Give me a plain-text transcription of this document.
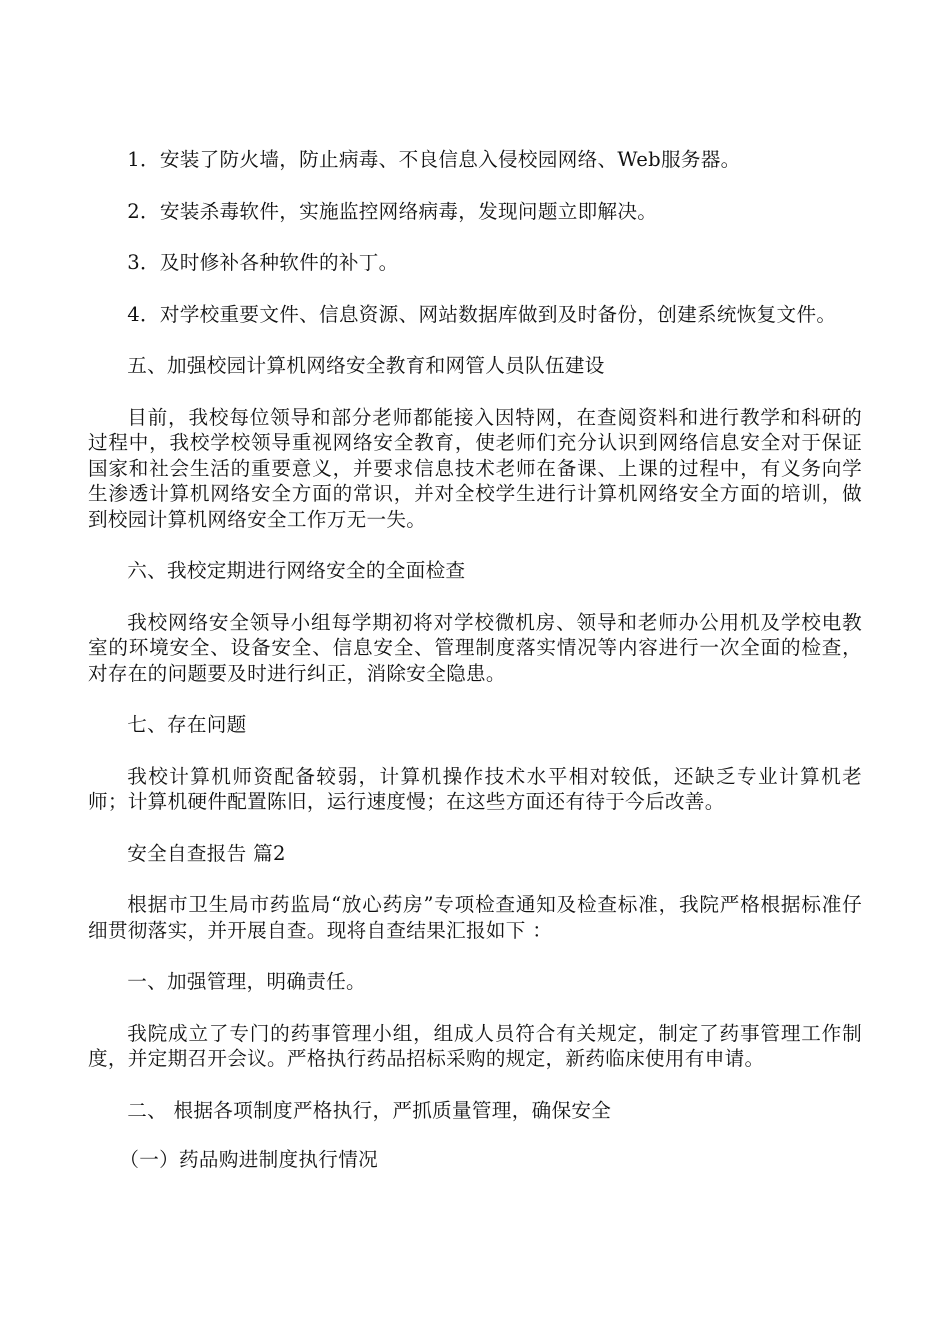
1．安装了防火墙，防止病毒、不良信息入侵校园网络、Web服务器。

2．安装杀毒软件，实施监控网络病毒，发现问题立即解决。

3．及时修补各种软件的补丁。

4．对学校重要文件、信息资源、网站数据库做到及时备份，创建系统恢复文件。

五、加强校园计算机网络安全教育和网管人员队伍建设

目前，我校每位领导和部分老师都能接入因特网，在查阅资料和进行教学和科研的过程中，我校学校领导重视网络安全教育，使老师们充分认识到网络信息安全对于保证国家和社会生活的重要意义，并要求信息技术老师在备课、上课的过程中，有义务向学生渗透计算机网络安全方面的常识，并对全校学生进行计算机网络安全方面的培训，做到校园计算机网络安全工作万无一失。

六、我校定期进行网络安全的全面检查

我校网络安全领导小组每学期初将对学校微机房、领导和老师办公用机及学校电教室的环境安全、设备安全、信息安全、管理制度落实情况等内容进行一次全面的检查，对存在的问题要及时进行纠正，消除安全隐患。

七、存在问题

我校计算机师资配备较弱，计算机操作技术水平相对较低，还缺乏专业计算机老师；计算机硬件配置陈旧，运行速度慢；在这些方面还有待于今后改善。

安全自查报告 篇2

根据市卫生局市药监局“放心药房”专项检查通知及检查标准，我院严格根据标准仔细贯彻落实，并开展自查。现将自查结果汇报如下 ：

一、加强管理，明确责任。

我院成立了专门的药事管理小组，组成人员符合有关规定，制定了药事管理工作制度，并定期召开会议。严格执行药品招标采购的规定，新药临床使用有申请。

二、 根据各项制度严格执行，严抓质量管理，确保安全

（一）药品购进制度执行情况
